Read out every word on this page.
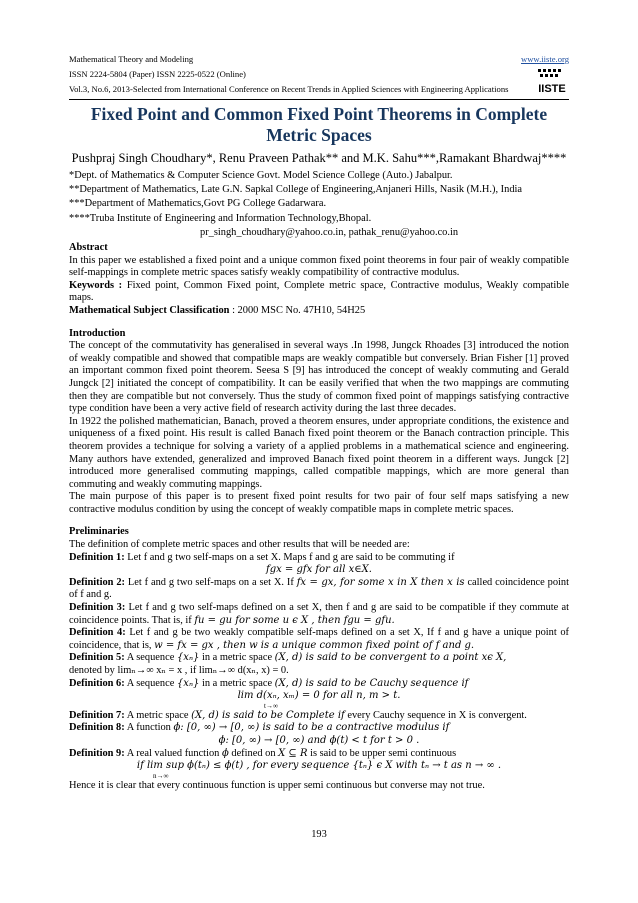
Mathematical Theory and Modeling	www.iiste.org
ISSN 2224-5804 (Paper) ISSN 2225-0522 (Online)
Vol.3, No.6, 2013-Selected from International Conference on Recent Trends in Applied Sciences with Engineering Applications	IISTE
Fixed Point and Common Fixed Point Theorems in Complete Metric Spaces
Pushpraj Singh Choudhary*, Renu Praveen Pathak** and M.K. Sahu***,Ramakant Bhardwaj****
*Dept. of Mathematics & Computer Science Govt. Model Science College (Auto.) Jabalpur.
**Department of Mathematics, Late G.N. Sapkal College of Engineering,Anjaneri Hills, Nasik (M.H.), India
***Department of Mathematics,Govt PG College Gadarwara.
****Truba Institute of Engineering and Information Technology,Bhopal.
pr_singh_choudhary@yahoo.co.in, pathak_renu@yahoo.co.in

Abstract

In this paper we established a fixed point and a unique common fixed point theorems in four pair of weakly compatible self-mappings in complete metric spaces satisfy weakly compatibility of contractive modulus.

Keywords : Fixed point, Common Fixed point, Complete metric space, Contractive modulus, Weakly compatible maps.

Mathematical Subject Classification : 2000 MSC No. 47H10, 54H25

Introduction

The concept of the commutativity has generalised in several ways .In 1998, Jungck Rhoades [3] introduced the notion of weakly compatible and showed that compatible maps are weakly compatible but conversely. Brian Fisher [1] proved an important common fixed point theorem. Seesa S [9] has introduced the concept of weakly commuting and Gerald Jungck [2] initiated the concept of compatibility. It can be easily verified that when the two mappings are commuting then they are compatible but not conversely. Thus the study of common fixed point of mappings satisfying contractive type condition have been a very active field of research activity during the last three decades.

In 1922 the polished mathematician, Banach, proved a theorem ensures, under appropriate conditions, the existence and uniqueness of a fixed point. His result is called Banach fixed point theorem or the Banach contraction principle. This theorem provides a technique for solving a variety of a applied problems in a mathematical science and engineering. Many authors have extended, generalized and improved Banach fixed point theorem in a different ways. Jungck [2] introduced more generalised commuting mappings, called compatible mappings, which are more general than commuting and weakly commuting mappings.

The main purpose of this paper is to present fixed point results for two pair of four self maps satisfying a new contractive modulus condition by using the concept of weakly compatible maps in complete metric spaces.

Preliminaries

The definition of complete metric spaces and other results that will be needed are:

Definition 1: Let f and g two self-maps on a set X. Maps f and g are said to be commuting if

fgx = gfx for all x∈X.

Definition 2: Let f and g two self-maps on a set X. If fx = gx, for some x in X then x is called coincidence point of f and g.

Definition 3: Let f and g two self-maps defined on a set X, then f and g are said to be compatible if they commute at coincidence points. That is, if fu = gu for some u ϵ X , then fgu = gfu.

Definition 4: Let f and g be two weakly compatible self-maps defined on a set X, If f and g have a unique point of coincidence, that is, w = fx = gx , then w is a unique common fixed point of f and g.

Definition 5: A sequence {xₙ} in a metric space (X, d) is said to be convergent to a point xϵ X,

denoted by limₙ→∞ xₙ = x , if limₙ→∞ d(xₙ, x) = 0.

Definition 6: A sequence {xₙ} in a metric space (X, d) is said to be Cauchy sequence if

lim d(xₙ, xₘ) = 0 for all n, m > t.

t→∞

Definition 7: A metric space (X, d) is said to be Complete if every Cauchy sequence in X is convergent.

Definition 8: A function ϕ: [0, ∞) → [0, ∞) is said to be a contractive modulus if

ϕ: [0, ∞) → [0, ∞) and ϕ(t) < t for t > 0 .

Definition 9: A real valued function ϕ defined on X ⊆ R is said to be upper semi continuous

if lim sup ϕ(tₙ) ≤ ϕ(t) , for every sequence {tₙ} ϵ X with tₙ → t as n → ∞ .

n→∞

Hence it is clear that every continuous function is upper semi continuous but converse may not true.

193
